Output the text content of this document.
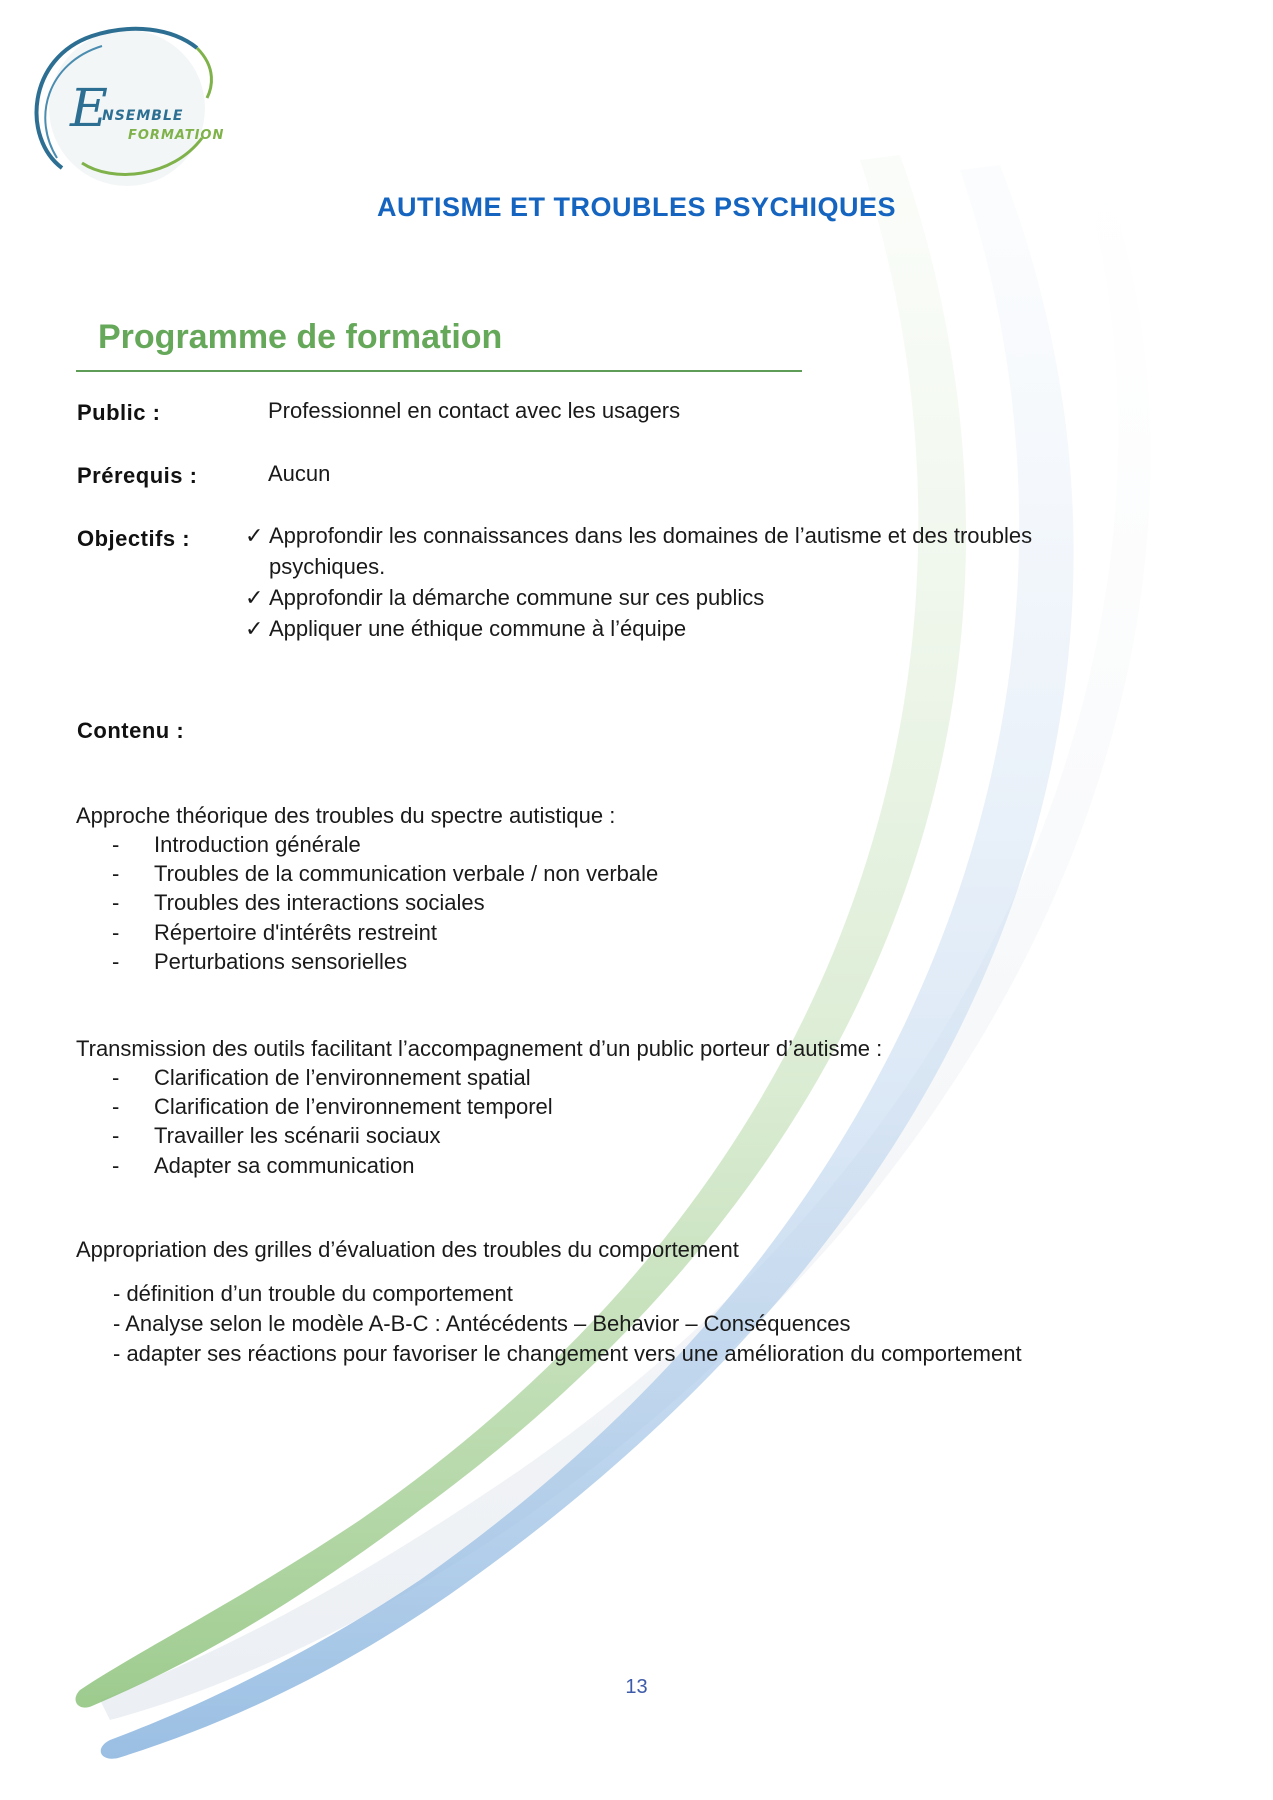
E
NSEMBLE
FORMATION
AUTISME ET TROUBLES PSYCHIQUES
Programme de formation
Public :	Professionnel en contact avec les usagers
Prérequis :	Aucun
Objectifs : ✓ Approfondir les connaissances dans les domaines de l’autisme et des troubles psychiques.
✓ Approfondir la démarche commune sur ces publics
✓ Appliquer une éthique commune à l’équipe
Contenu :
Approche théorique des troubles du spectre autistique :
- Introduction générale
- Troubles de la communication verbale / non verbale
- Troubles des interactions sociales
- Répertoire d'intérêts restreint
- Perturbations sensorielles
Transmission des outils facilitant l’accompagnement d’un public porteur d’autisme :
- Clarification de l’environnement spatial
- Clarification de l’environnement temporel
- Travailler les scénarii sociaux
- Adapter sa communication
Appropriation des grilles d’évaluation des troubles du comportement
- définition d’un trouble du comportement
- Analyse selon le modèle A-B-C : Antécédents – Behavior – Conséquences
- adapter ses réactions pour favoriser le changement vers une amélioration du comportement
13
